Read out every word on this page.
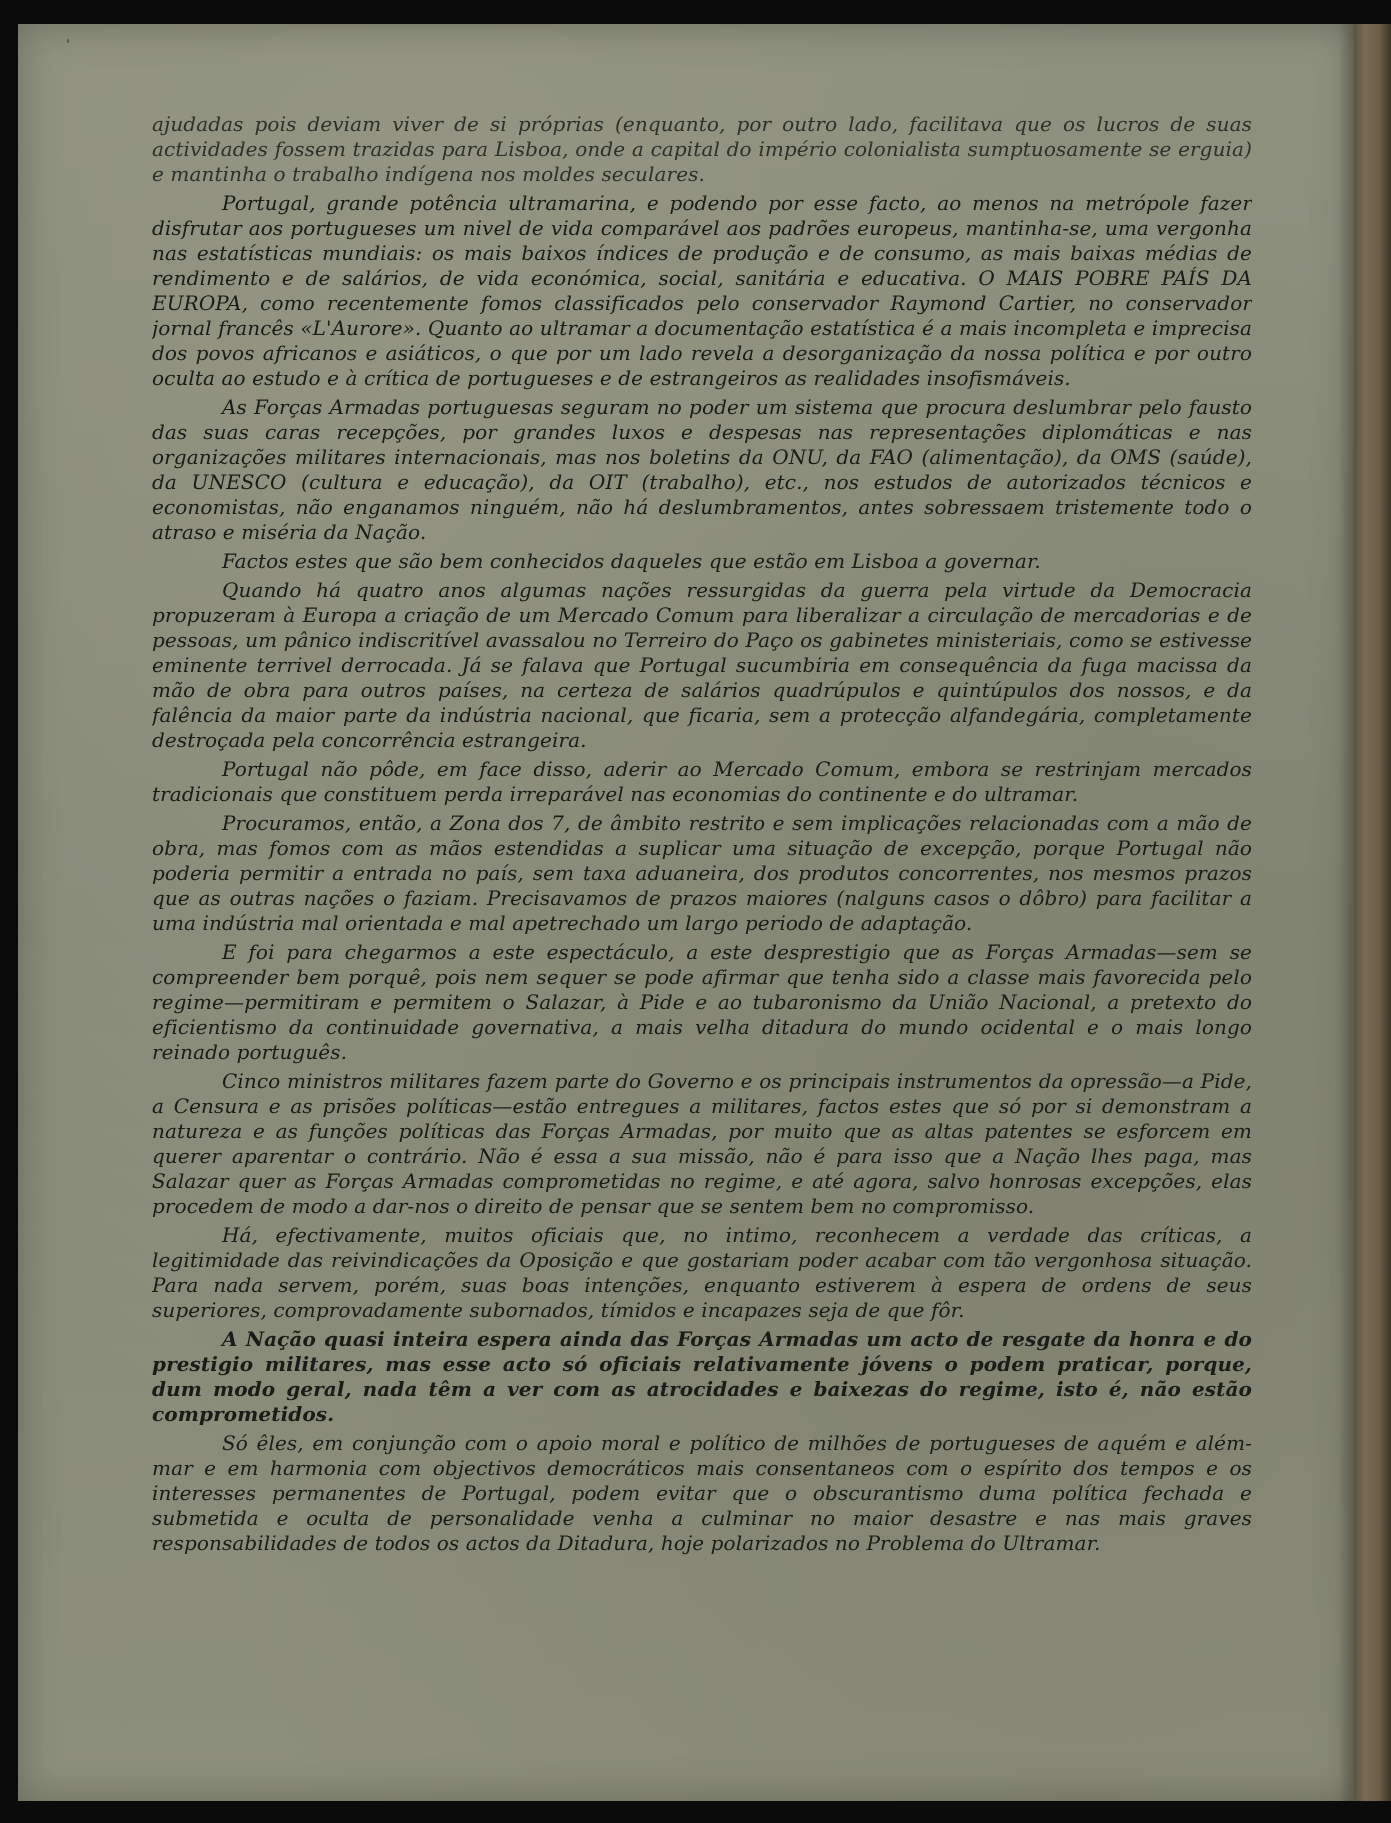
ˈ

ajudadas pois deviam viver de si próprias (enquanto, por outro lado, facilitava que os lucros de suas actividades fossem trazidas para Lisboa, onde a capital do império colonialista sumptuosamente se erguia) e mantinha o trabalho indígena nos moldes seculares.

Portugal, grande potência ultramarina, e podendo por esse facto, ao menos na metrópole fazer disfrutar aos portugueses um nivel de vida comparável aos padrões europeus, mantinha-se, uma vergonha nas estatísticas mundiais: os mais baixos índices de produção e de consumo, as mais baixas médias de rendimento e de salários, de vida económica, social, sanitária e educativa. O MAIS POBRE PAÍS DA EUROPA, como recentemente fomos classificados pelo conservador Raymond Cartier, no conservador jornal francês «L'Aurore». Quanto ao ultramar a documentação estatística é a mais incompleta e imprecisa dos povos africanos e asiáticos, o que por um lado revela a desorganização da nossa política e por outro oculta ao estudo e à crítica de portugueses e de estrangeiros as realidades insofismáveis.

As Forças Armadas portuguesas seguram no poder um sistema que procura deslumbrar pelo fausto das suas caras recepções, por grandes luxos e despesas nas representações diplomáticas e nas organizações militares internacionais, mas nos boletins da ONU, da FAO (alimentação), da OMS (saúde), da UNESCO (cultura e educação), da OIT (trabalho), etc., nos estudos de autorizados técnicos e economistas, não enganamos ninguém, não há deslumbramentos, antes sobressaem tristemente todo o atraso e miséria da Nação.

Factos estes que são bem conhecidos daqueles que estão em Lisboa a governar.

Quando há quatro anos algumas nações ressurgidas da guerra pela virtude da Democracia propuzeram à Europa a criação de um Mercado Comum para liberalizar a circulação de mercadorias e de pessoas, um pânico indiscritível avassalou no Terreiro do Paço os gabinetes ministeriais, como se estivesse eminente terrivel derrocada. Já se falava que Portugal sucumbiria em consequência da fuga macissa da mão de obra para outros países, na certeza de salários quadrúpulos e quintúpulos dos nossos, e da falência da maior parte da indústria nacional, que ficaria, sem a protecção alfandegária, completamente destroçada pela concorrência estrangeira.

Portugal não pôde, em face disso, aderir ao Mercado Comum, embora se restrinjam mercados tradicionais que constituem perda irreparável nas economias do continente e do ultramar.

Procuramos, então, a Zona dos 7, de âmbito restrito e sem implicações relacionadas com a mão de obra, mas fomos com as mãos estendidas a suplicar uma situação de excepção, porque Portugal não poderia permitir a entrada no país, sem taxa aduaneira, dos produtos concorrentes, nos mesmos prazos que as outras nações o faziam. Precisavamos de prazos maiores (nalguns casos o dôbro) para facilitar a uma indústria mal orientada e mal apetrechado um largo periodo de adaptação.

E foi para chegarmos a este espectáculo, a este desprestigio que as Forças Armadas—sem se compreender bem porquê, pois nem sequer se pode afirmar que tenha sido a classe mais favorecida pelo regime—permitiram e permitem o Salazar, à Pide e ao tubaronismo da União Nacional, a pretexto do eficientismo da continuidade governativa, a mais velha ditadura do mundo ocidental e o mais longo reinado português.

Cinco ministros militares fazem parte do Governo e os principais instrumentos da opressão—a Pide, a Censura e as prisões políticas—estão entregues a militares, factos estes que só por si demonstram a natureza e as funções políticas das Forças Armadas, por muito que as altas patentes se esforcem em querer aparentar o contrário. Não é essa a sua missão, não é para isso que a Nação lhes paga, mas Salazar quer as Forças Armadas comprometidas no regime, e até agora, salvo honrosas excepções, elas procedem de modo a dar-nos o direito de pensar que se sentem bem no compromisso.

Há, efectivamente, muitos oficiais que, no intimo, reconhecem a verdade das críticas, a legitimidade das reivindicações da Oposição e que gostariam poder acabar com tão vergonhosa situação. Para nada servem, porém, suas boas intenções, enquanto estiverem à espera de ordens de seus superiores, comprovadamente subornados, tímidos e incapazes seja de que fôr.

A Nação quasi inteira espera ainda das Forças Armadas um acto de resgate da honra e do prestigio militares, mas esse acto só oficiais relativamente jóvens o podem praticar, porque, dum modo geral, nada têm a ver com as atrocidades e baixezas do regime, isto é, não estão comprometidos.

Só êles, em conjunção com o apoio moral e político de milhões de portugueses de aquém e além-mar e em harmonia com objectivos democráticos mais consentaneos com o espírito dos tempos e os interesses permanentes de Portugal, podem evitar que o obscurantismo duma política fechada e submetida e oculta de personalidade venha a culminar no maior desastre e nas mais graves responsabilidades de todos os actos da Ditadura, hoje polarizados no Problema do Ultramar.
